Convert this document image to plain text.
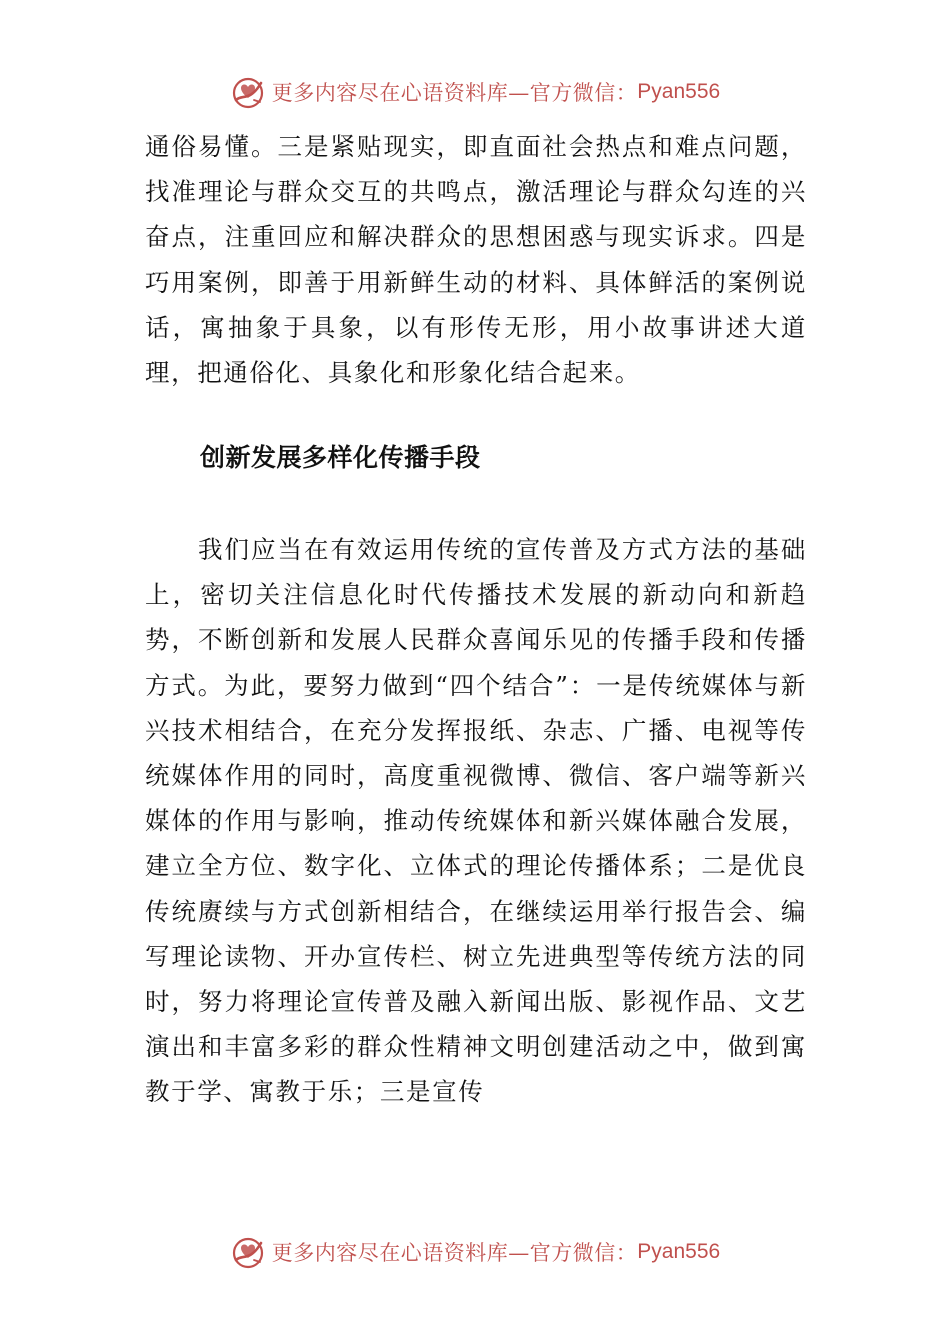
更多内容尽在心语资料库—官方微信： Pyan556

通俗易懂。三是紧贴现实，即直面社会热点和难点问题，找准理论与群众交互的共鸣点，激活理论与群众勾连的兴奋点，注重回应和解决群众的思想困惑与现实诉求。四是巧用案例，即善于用新鲜生动的材料、具体鲜活的案例说话，寓抽象于具象，以有形传无形，用小故事讲述大道理，把通俗化、具象化和形象化结合起来。

创新发展多样化传播手段

我们应当在有效运用传统的宣传普及方式方法的基础上，密切关注信息化时代传播技术发展的新动向和新趋势，不断创新和发展人民群众喜闻乐见的传播手段和传播方式。为此，要努力做到“四个结合”：一是传统媒体与新兴技术相结合，在充分发挥报纸、杂志、广播、电视等传统媒体作用的同时，高度重视微博、微信、客户端等新兴媒体的作用与影响，推动传统媒体和新兴媒体融合发展，建立全方位、数字化、立体式的理论传播体系；二是优良传统赓续与方式创新相结合，在继续运用举行报告会、编写理论读物、开办宣传栏、树立先进典型等传统方法的同时，努力将理论宣传普及融入新闻出版、影视作品、文艺演出和丰富多彩的群众性精神文明创建活动之中，做到寓教于学、寓教于乐；三是宣传

更多内容尽在心语资料库—官方微信： Pyan556
